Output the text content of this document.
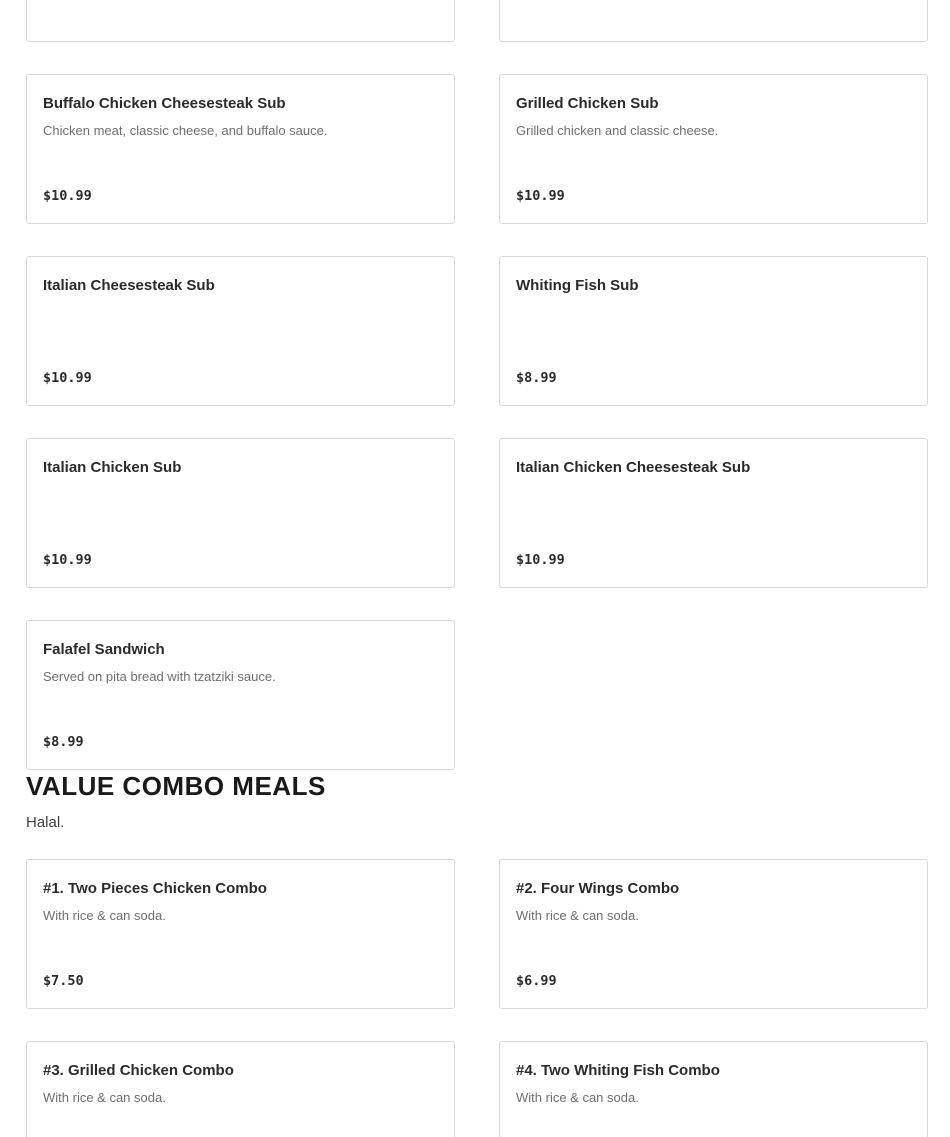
Buffalo Chicken Cheesesteak Sub
Chicken meat, classic cheese, and buffalo sauce.
$10.99
Grilled Chicken Sub
Grilled chicken and classic cheese.
$10.99
Italian Cheesesteak Sub
$10.99
Whiting Fish Sub
$8.99
Italian Chicken Sub
$10.99
Italian Chicken Cheesesteak Sub
$10.99
Falafel Sandwich
Served on pita bread with tzatziki sauce.
$8.99
VALUE COMBO MEALS

Halal.

#1. Two Pieces Chicken Combo
With rice & can soda.
$7.50
#2. Four Wings Combo
With rice & can soda.
$6.99
#3. Grilled Chicken Combo
With rice & can soda.
#4. Two Whiting Fish Combo
With rice & can soda.
